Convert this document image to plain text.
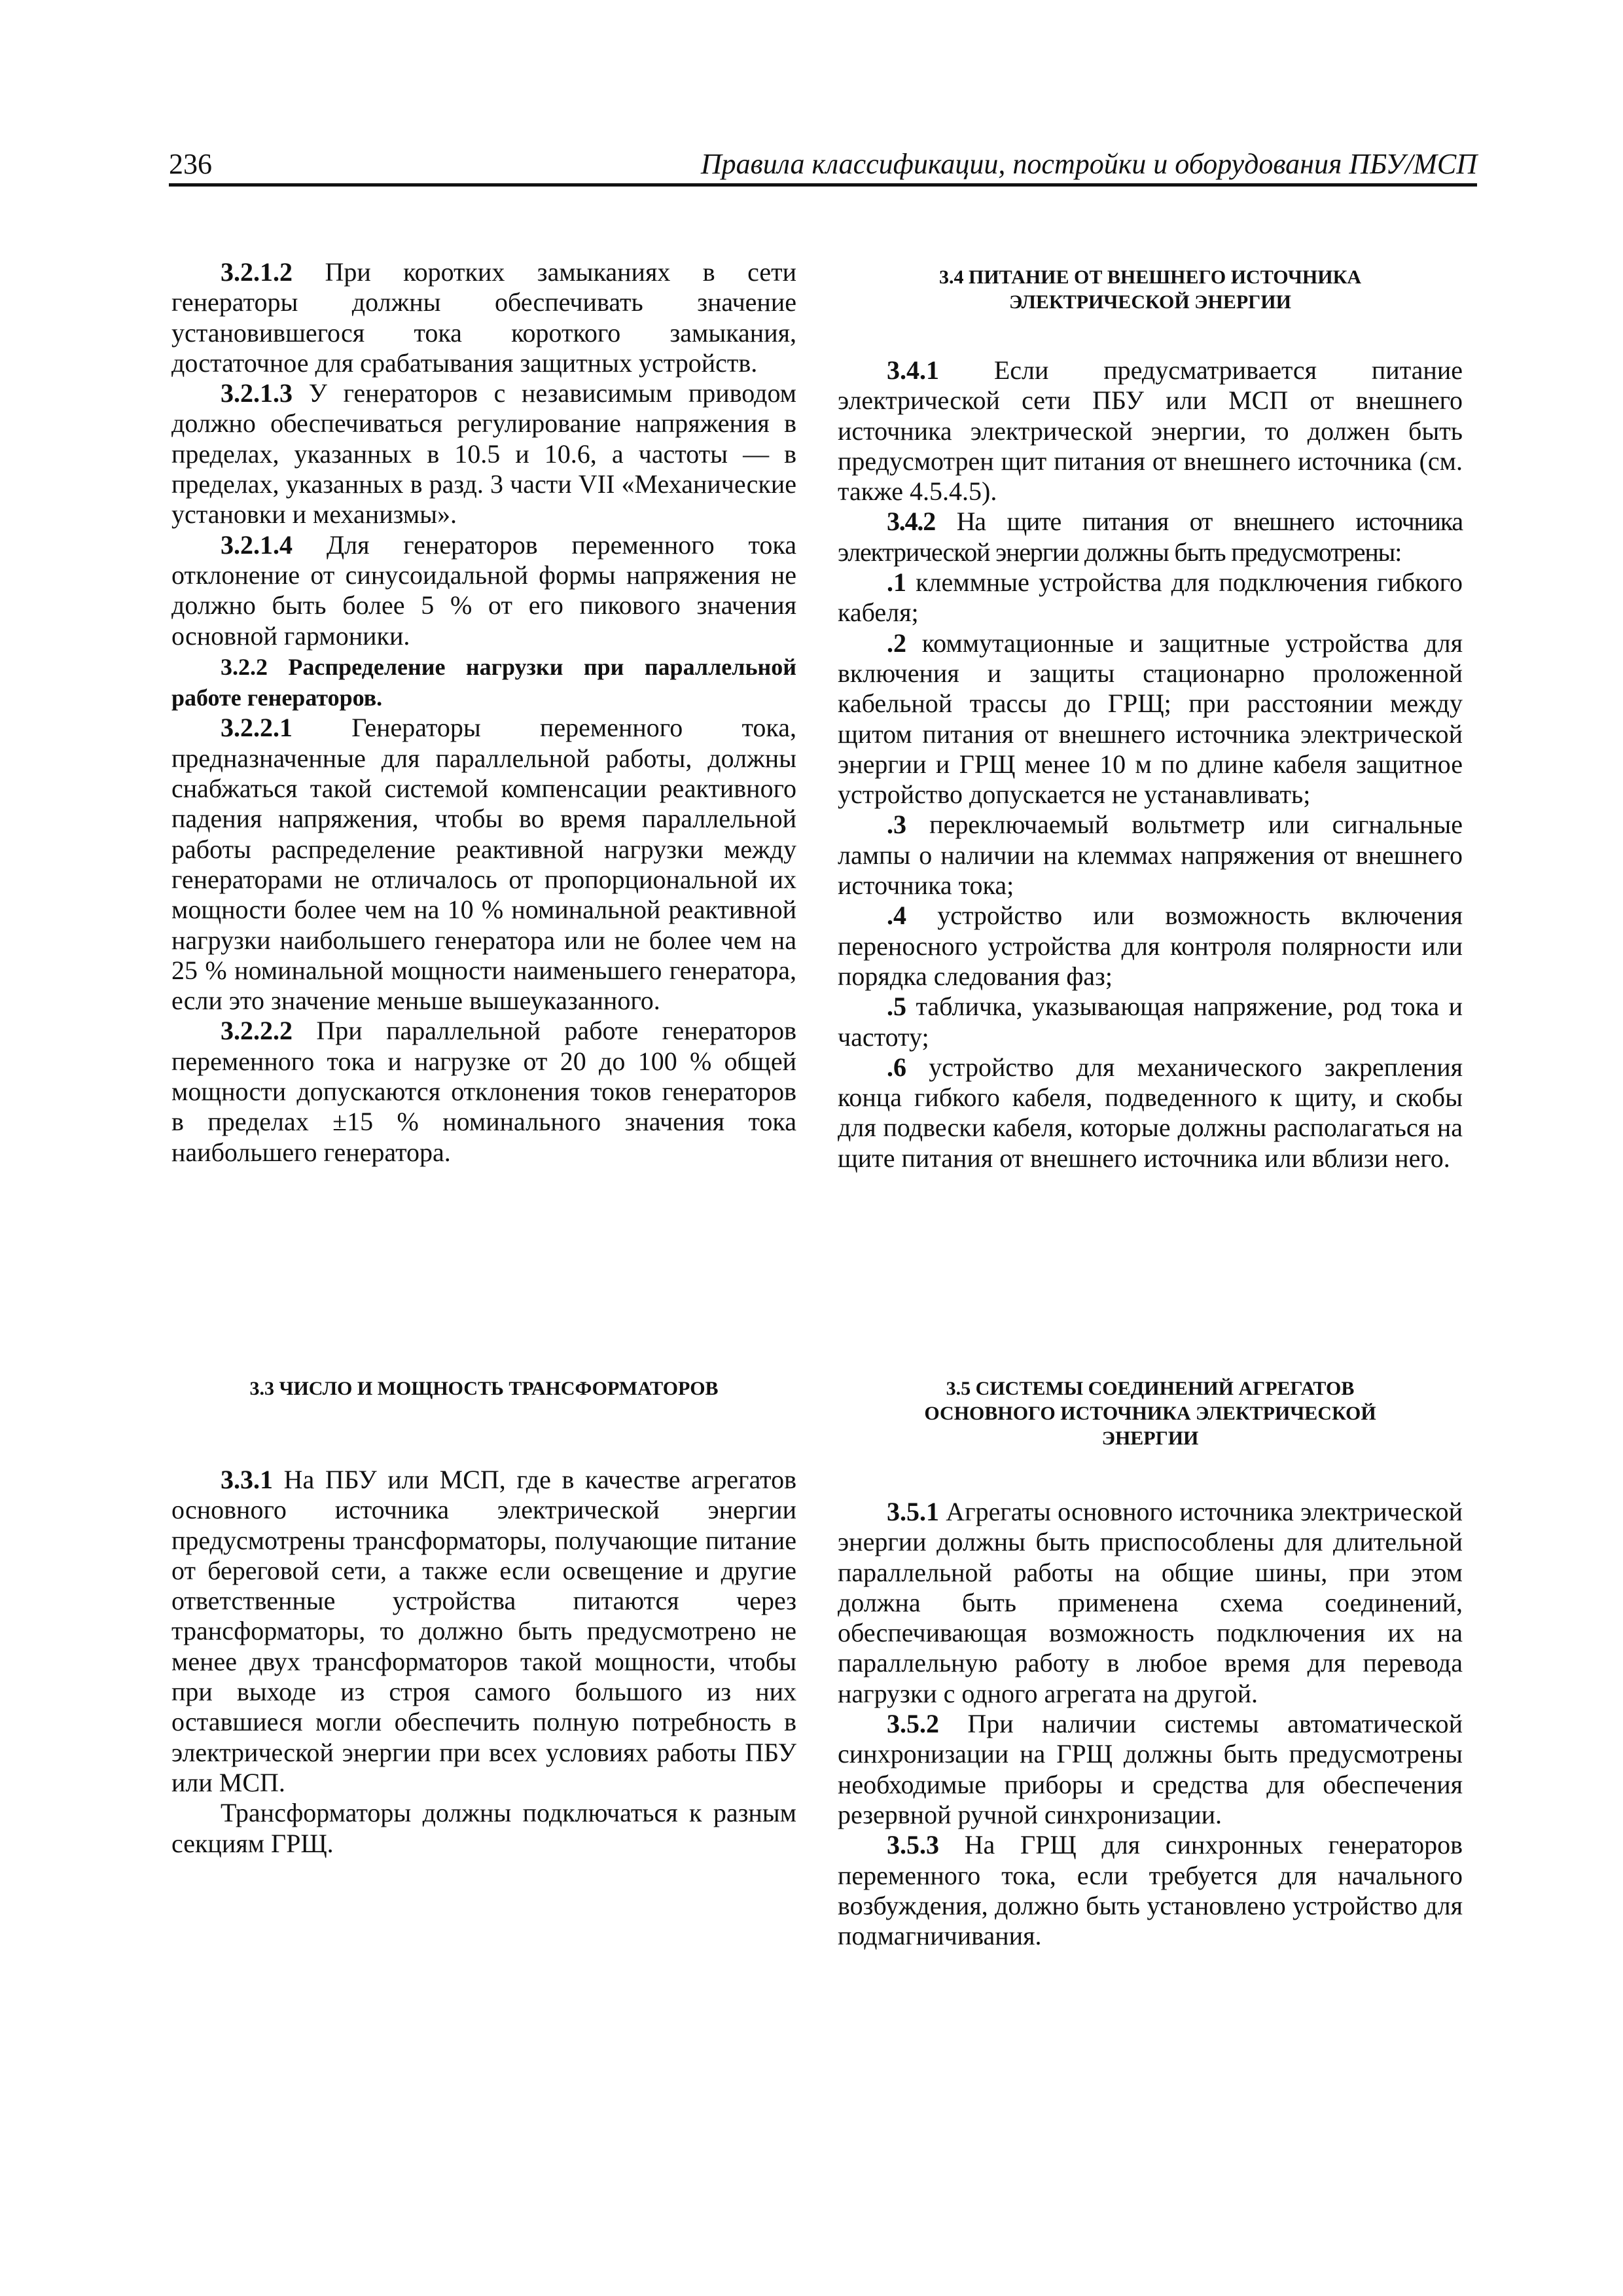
236	Правила классификации, постройки и оборудования ПБУ/МСП

3.2.1.2 При коротких замыканиях в сети генераторы должны обеспечивать значение установившегося тока короткого замыкания, достаточное для срабатывания защитных устройств.

3.2.1.3 У генераторов с независимым приводом должно обеспечиваться регулирование напряжения в пределах, указанных в 10.5 и 10.6, а частоты — в пределах, указанных в разд. 3 части VII «Механические установки и механизмы».

3.2.1.4 Для генераторов переменного тока отклонение от синусоидальной формы напряжения не должно быть более 5 % от его пикового значения основной гармоники.

3.2.2 Распределение нагрузки при параллельной работе генераторов.

3.2.2.1 Генераторы переменного тока, предназначенные для параллельной работы, должны снабжаться такой системой компенсации реактивного падения напряжения, чтобы во время параллельной работы распределение реактивной нагрузки между генераторами не отличалось от пропорциональной их мощности более чем на 10 % номинальной реактивной нагрузки наибольшего генератора или не более чем на 25 % номинальной мощности наименьшего генератора, если это значение меньше вышеуказанного.

3.2.2.2 При параллельной работе генераторов переменного тока и нагрузке от 20 до 100 % общей мощности допускаются отклонения токов генераторов в пределах ±15 % номинального значения тока наибольшего генератора.

3.3 ЧИСЛО И МОЩНОСТЬ ТРАНСФОРМАТОРОВ

3.3.1 На ПБУ или МСП, где в качестве агрегатов основного источника электрической энергии предусмотрены трансформаторы, получающие питание от береговой сети, а также если освещение и другие ответственные устройства питаются через трансформаторы, то должно быть предусмотрено не менее двух трансформаторов такой мощности, чтобы при выходе из строя самого большого из них оставшиеся могли обеспечить полную потребность в электрической энергии при всех условиях работы ПБУ или МСП.

Трансформаторы должны подключаться к разным секциям ГРЩ.

3.4 ПИТАНИЕ ОТ ВНЕШНЕГО ИСТОЧНИКА ЭЛЕКТРИЧЕСКОЙ ЭНЕРГИИ

3.4.1 Если предусматривается питание электрической сети ПБУ или МСП от внешнего источника электрической энергии, то должен быть предусмотрен щит питания от внешнего источника (см. также 4.5.4.5).

3.4.2 На щите питания от внешнего источника электрической энергии должны быть предусмотрены:

.1 клеммные устройства для подключения гибкого кабеля;

.2 коммутационные и защитные устройства для включения и защиты стационарно проложенной кабельной трассы до ГРЩ; при расстоянии между щитом питания от внешнего источника электрической энергии и ГРЩ менее 10 м по длине кабеля защитное устройство допускается не устанавливать;

.3 переключаемый вольтметр или сигнальные лампы о наличии на клеммах напряжения от внешнего источника тока;

.4 устройство или возможность включения переносного устройства для контроля полярности или порядка следования фаз;

.5 табличка, указывающая напряжение, род тока и частоту;

.6 устройство для механического закрепления конца гибкого кабеля, подведенного к щиту, и скобы для подвески кабеля, которые должны располагаться на щите питания от внешнего источника или вблизи него.

3.5 СИСТЕМЫ СОЕДИНЕНИЙ АГРЕГАТОВ ОСНОВНОГО ИСТОЧНИКА ЭЛЕКТРИЧЕСКОЙ ЭНЕРГИИ

3.5.1 Агрегаты основного источника электрической энергии должны быть приспособлены для длительной параллельной работы на общие шины, при этом должна быть применена схема соединений, обеспечивающая возможность подключения их на параллельную работу в любое время для перевода нагрузки с одного агрегата на другой.

3.5.2 При наличии системы автоматической синхронизации на ГРЩ должны быть предусмотрены необходимые приборы и средства для обеспечения резервной ручной синхронизации.

3.5.3 На ГРЩ для синхронных генераторов переменного тока, если требуется для начального возбуждения, должно быть установлено устройство для подмагничивания.
